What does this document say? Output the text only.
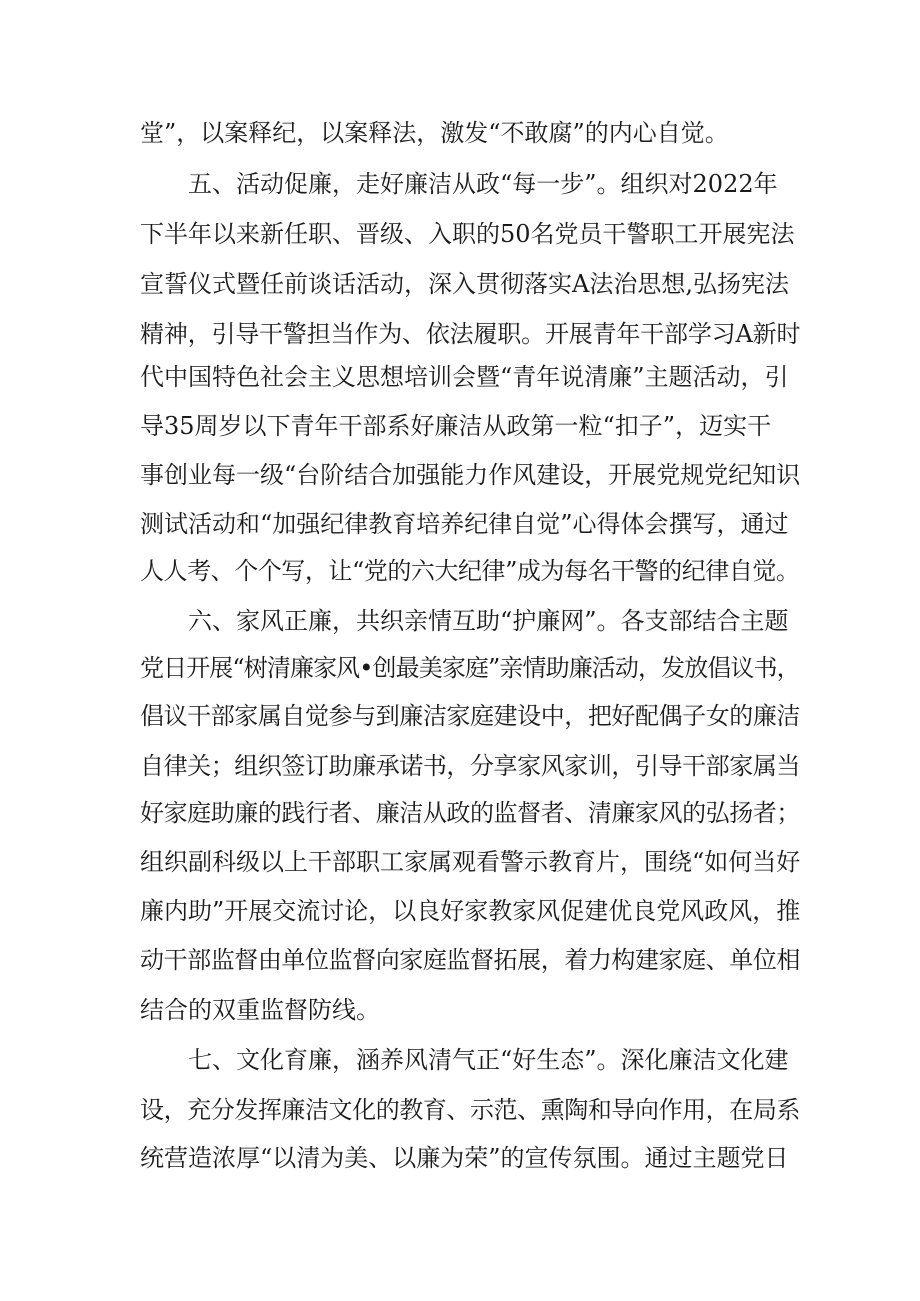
堂”，以案释纪，以案释法，激发“不敢腐”的内心自觉。
五、活动促廉，走好廉洁从政“每一步”。组织对2022年
下半年以来新任职、晋级、入职的50名党员干警职工开展宪法
宣誓仪式暨任前谈话活动，深入贯彻落实A法治思想,弘扬宪法
精神，引导干警担当作为、依法履职。开展青年干部学习A新时
代中国特色社会主义思想培训会暨“青年说清廉”主题活动，引
导35周岁以下青年干部系好廉洁从政第一粒“扣子”，迈实干
事创业每一级“台阶结合加强能力作风建设，开展党规党纪知识
测试活动和“加强纪律教育培养纪律自觉”心得体会撰写，通过
人人考、个个写，让“党的六大纪律”成为每名干警的纪律自觉。
六、家风正廉，共织亲情互助“护廉网”。各支部结合主题
党日开展“树清廉家风•创最美家庭”亲情助廉活动，发放倡议书，
倡议干部家属自觉参与到廉洁家庭建设中，把好配偶子女的廉洁
自律关；组织签订助廉承诺书，分享家风家训，引导干部家属当
好家庭助廉的践行者、廉洁从政的监督者、清廉家风的弘扬者；
组织副科级以上干部职工家属观看警示教育片，围绕“如何当好
廉内助”开展交流讨论，以良好家教家风促建优良党风政风，推
动干部监督由单位监督向家庭监督拓展，着力构建家庭、单位相
结合的双重监督防线。
七、文化育廉，涵养风清气正“好生态”。深化廉洁文化建
设，充分发挥廉洁文化的教育、示范、熏陶和导向作用，在局系
统营造浓厚“以清为美、以廉为荣”的宣传氛围。通过主题党日
